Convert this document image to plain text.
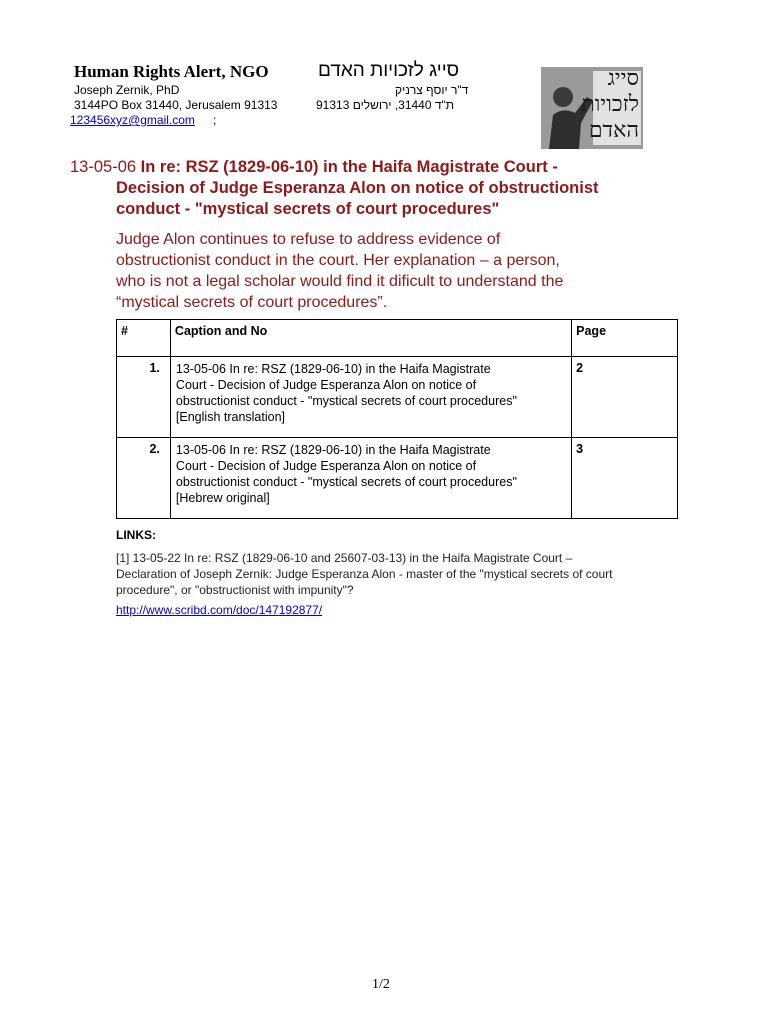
Human Rights Alert, NGO	סייג לזכויות האדם
Joseph Zernik, PhD	ד"ר יוסף צרניק
3144PO Box 31440, Jerusalem 91313	ת"ד 31440, ירושלים 91313
123456xyz@gmail.com ;
סייג
לזכויות
האדם
13-05-06 In re: RSZ (1829-06-10) in the Haifa Magistrate Court -
Decision of Judge Esperanza Alon on notice of obstructionist
conduct - "mystical secrets of court procedures"
Judge Alon continues to refuse to address evidence of
obstructionist conduct in the court. Her explanation – a person,
who is not a legal scholar would find it dificult to understand the
“mystical secrets of court procedures”.
#	Caption and No	Page
1.	13-05-06 In re: RSZ (1829-06-10) in the Haifa Magistrate
Court - Decision of Judge Esperanza Alon on notice of
obstructionist conduct - "mystical secrets of court procedures"
[English translation]	2
2.	13-05-06 In re: RSZ (1829-06-10) in the Haifa Magistrate
Court - Decision of Judge Esperanza Alon on notice of
obstructionist conduct - "mystical secrets of court procedures"
[Hebrew original]	3
LINKS:
[1] 13-05-22 In re: RSZ (1829-06-10 and 25607-03-13) in the Haifa Magistrate Court –
Declaration of Joseph Zernik: Judge Esperanza Alon - master of the "mystical secrets of court
procedure", or "obstructionist with impunity"?
http://www.scribd.com/doc/147192877/
1/2
